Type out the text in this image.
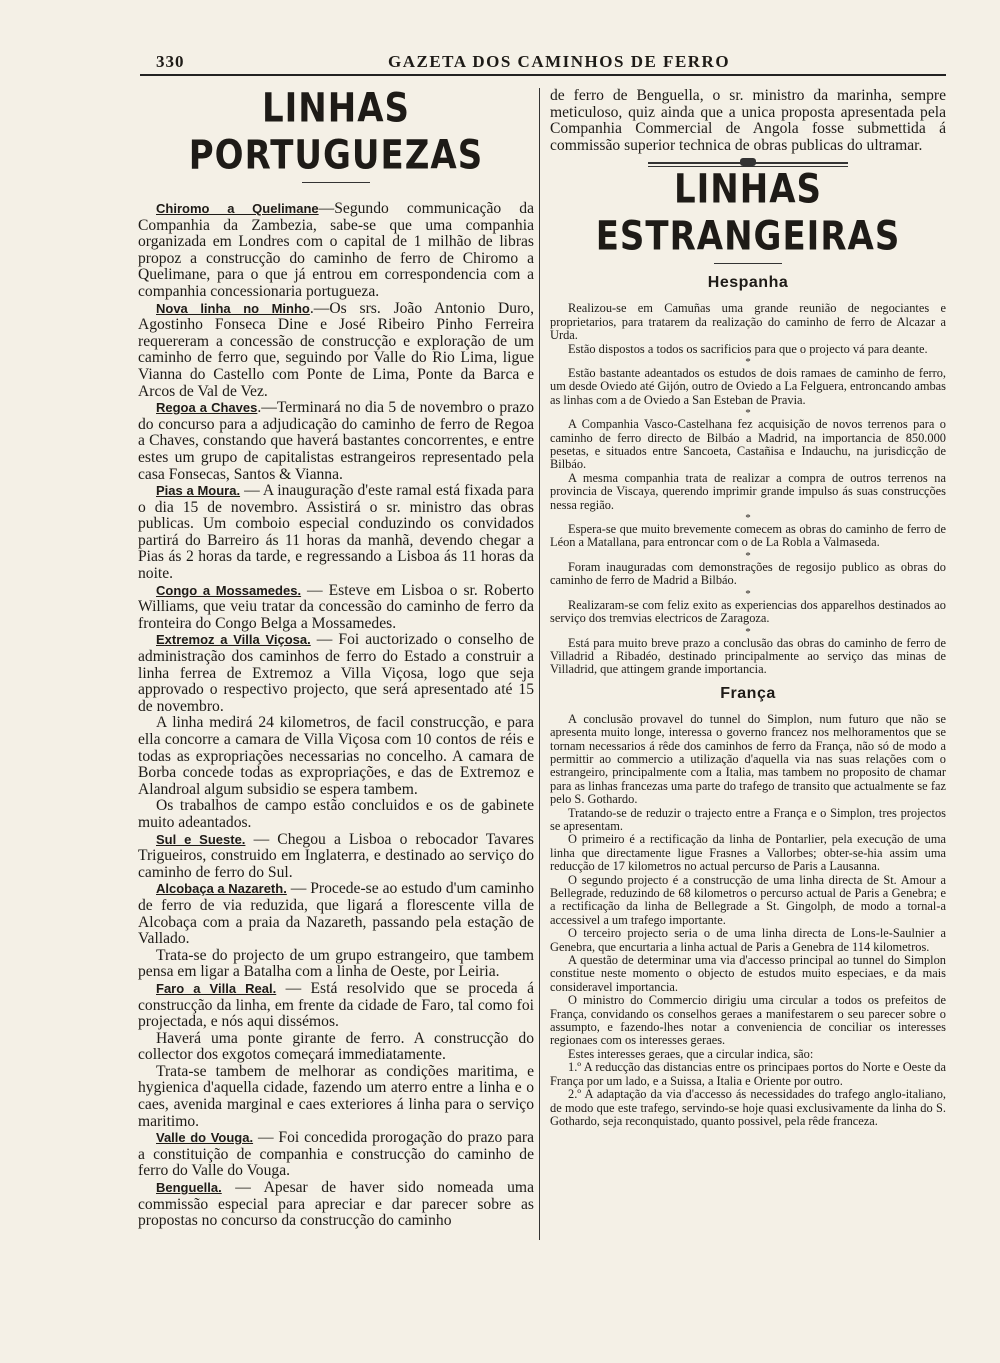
330	GAZETA DOS CAMINHOS DE FERRO
LINHAS PORTUGUEZAS

Chiromo a Quelimane—Segundo communicação da Companhia da Zambezia, sabe-se que uma companhia organizada em Londres com o capital de 1 milhão de libras propoz a construcção do caminho de ferro de Chiromo a Quelimane, para o que já entrou em correspondencia com a companhia concessionaria portugueza.

Nova linha no Minho.—Os srs. João Antonio Duro, Agostinho Fonseca Dine e José Ribeiro Pinho Ferreira requereram a concessão de construcção e exploração de um caminho de ferro que, seguindo por Valle do Rio Lima, ligue Vianna do Castello com Ponte de Lima, Ponte da Barca e Arcos de Val de Vez.

Regoa a Chaves.—Terminará no dia 5 de novembro o prazo do concurso para a adjudicação do caminho de ferro de Regoa a Chaves, constando que haverá bastantes concorrentes, e entre estes um grupo de capitalistas estrangeiros representado pela casa Fonsecas, Santos & Vianna.

Pias a Moura. — A inauguração d'este ramal está fixada para o dia 15 de novembro. Assistirá o sr. ministro das obras publicas. Um comboio especial conduzindo os convidados partirá do Barreiro ás 11 horas da manhã, devendo chegar a Pias ás 2 horas da tarde, e regressando a Lisboa ás 11 horas da noite.

Congo a Mossamedes. — Esteve em Lisboa o sr. Roberto Williams, que veiu tratar da concessão do caminho de ferro da fronteira do Congo Belga a Mossamedes.

Extremoz a Villa Viçosa. — Foi auctorizado o conselho de administração dos caminhos de ferro do Estado a construir a linha ferrea de Extremoz a Villa Viçosa, logo que seja approvado o respectivo projecto, que será apresentado até 15 de novembro.

A linha medirá 24 kilometros, de facil construcção, e para ella concorre a camara de Villa Viçosa com 10 contos de réis e todas as expropriações necessarias no concelho. A camara de Borba concede todas as expropriações, e das de Extremoz e Alandroal algum subsidio se espera tambem.

Os trabalhos de campo estão concluidos e os de gabinete muito adeantados.

Sul e Sueste. — Chegou a Lisboa o rebocador Tavares Trigueiros, construido em Inglaterra, e destinado ao serviço do caminho de ferro do Sul.

Alcobaça a Nazareth. — Procede-se ao estudo d'um caminho de ferro de via reduzida, que ligará a florescente villa de Alcobaça com a praia da Nazareth, passando pela estação de Vallado.

Trata-se do projecto de um grupo estrangeiro, que tambem pensa em ligar a Batalha com a linha de Oeste, por Leiria.

Faro a Villa Real. — Está resolvido que se proceda á construcção da linha, em frente da cidade de Faro, tal como foi projectada, e nós aqui dissémos.

Haverá uma ponte girante de ferro. A construcção do collector dos exgotos começará immediatamente.

Trata-se tambem de melhorar as condições maritima, e hygienica d'aquella cidade, fazendo um aterro entre a linha e o caes, avenida marginal e caes exteriores á linha para o serviço maritimo.

Valle do Vouga. — Foi concedida prorogação do prazo para a constituição de companhia e construcção do caminho de ferro do Valle do Vouga.

Benguella. — Apesar de haver sido nomeada uma commissão especial para apreciar e dar parecer sobre as propostas no concurso da construcção do caminho

de ferro de Benguella, o sr. ministro da marinha, sempre meticuloso, quiz ainda que a unica proposta apresentada pela Companhia Commercial de Angola fosse submettida á commissão superior technica de obras publicas do ultramar.

LINHAS ESTRANGEIRAS
Hespanha

Realizou-se em Camuñas uma grande reunião de negociantes e proprietarios, para tratarem da realização do caminho de ferro de Alcazar a Urda.

Estão dispostos a todos os sacrificios para que o projecto vá para deante.

*

Estão bastante adeantados os estudos de dois ramaes de caminho de ferro, um desde Oviedo até Gijón, outro de Oviedo a La Felguera, entroncando ambas as linhas com a de Oviedo a San Esteban de Pravia.

*

A Companhia Vasco-Castelhana fez acquisição de novos terrenos para o caminho de ferro directo de Bilbáo a Madrid, na importancia de 850.000 pesetas, e situados entre Sancoeta, Castañisa e Indauchu, na jurisdicção de Bilbáo.

A mesma companhia trata de realizar a compra de outros terrenos na provincia de Viscaya, querendo imprimir grande impulso ás suas construcções nessa região.

*

Espera-se que muito brevemente comecem as obras do caminho de ferro de Léon a Matallana, para entroncar com o de La Robla a Valmaseda.

*

Foram inauguradas com demonstrações de regosijo publico as obras do caminho de ferro de Madrid a Bilbáo.

*

Realizaram-se com feliz exito as experiencias dos apparelhos destinados ao serviço dos tremvias electricos de Zaragoza.

*

Está para muito breve prazo a conclusão das obras do caminho de ferro de Villadrid a Ribadéo, destinado principalmente ao serviço das minas de Villadrid, que attingem grande importancia.

França

A conclusão provavel do tunnel do Simplon, num futuro que não se apresenta muito longe, interessa o governo francez nos melhoramentos que se tornam necessarios á rêde dos caminhos de ferro da França, não só de modo a permittir ao commercio a utilização d'aquella via nas suas relações com o estrangeiro, principalmente com a Italia, mas tambem no proposito de chamar para as linhas francezas uma parte do trafego de transito que actualmente se faz pelo S. Gothardo.

Tratando-se de reduzir o trajecto entre a França e o Simplon, tres projectos se apresentam.

O primeiro é a rectificação da linha de Pontarlier, pela execução de uma linha que directamente ligue Frasnes a Vallorbes; obter-se-hia assim uma reducção de 17 kilometros no actual percurso de Paris a Lausanna.

O segundo projecto é a construcção de uma linha directa de St. Amour a Bellegrade, reduzindo de 68 kilometros o percurso actual de Paris a Genebra; e a rectificação da linha de Bellegrade a St. Gingolph, de modo a tornal-a accessivel a um trafego importante.

O terceiro projecto seria o de uma linha directa de Lons-le-Saulnier a Genebra, que encurtaria a linha actual de Paris a Genebra de 114 kilometros.

A questão de determinar uma via d'accesso principal ao tunnel do Simplon constitue neste momento o objecto de estudos muito especiaes, e da mais consideravel importancia.

O ministro do Commercio dirigiu uma circular a todos os prefeitos de França, convidando os conselhos geraes a manifestarem o seu parecer sobre o assumpto, e fazendo-lhes notar a conveniencia de conciliar os interesses regionaes com os interesses geraes.

Estes interesses geraes, que a circular indica, são:

1.º A reducção das distancias entre os principaes portos do Norte e Oeste da França por um lado, e a Suissa, a Italia e Oriente por outro.

2.º A adaptação da via d'accesso ás necessidades do trafego anglo-italiano, de modo que este trafego, servindo-se hoje quasi exclusivamente da linha do S. Gothardo, seja reconquistado, quanto possivel, pela rêde franceza.
